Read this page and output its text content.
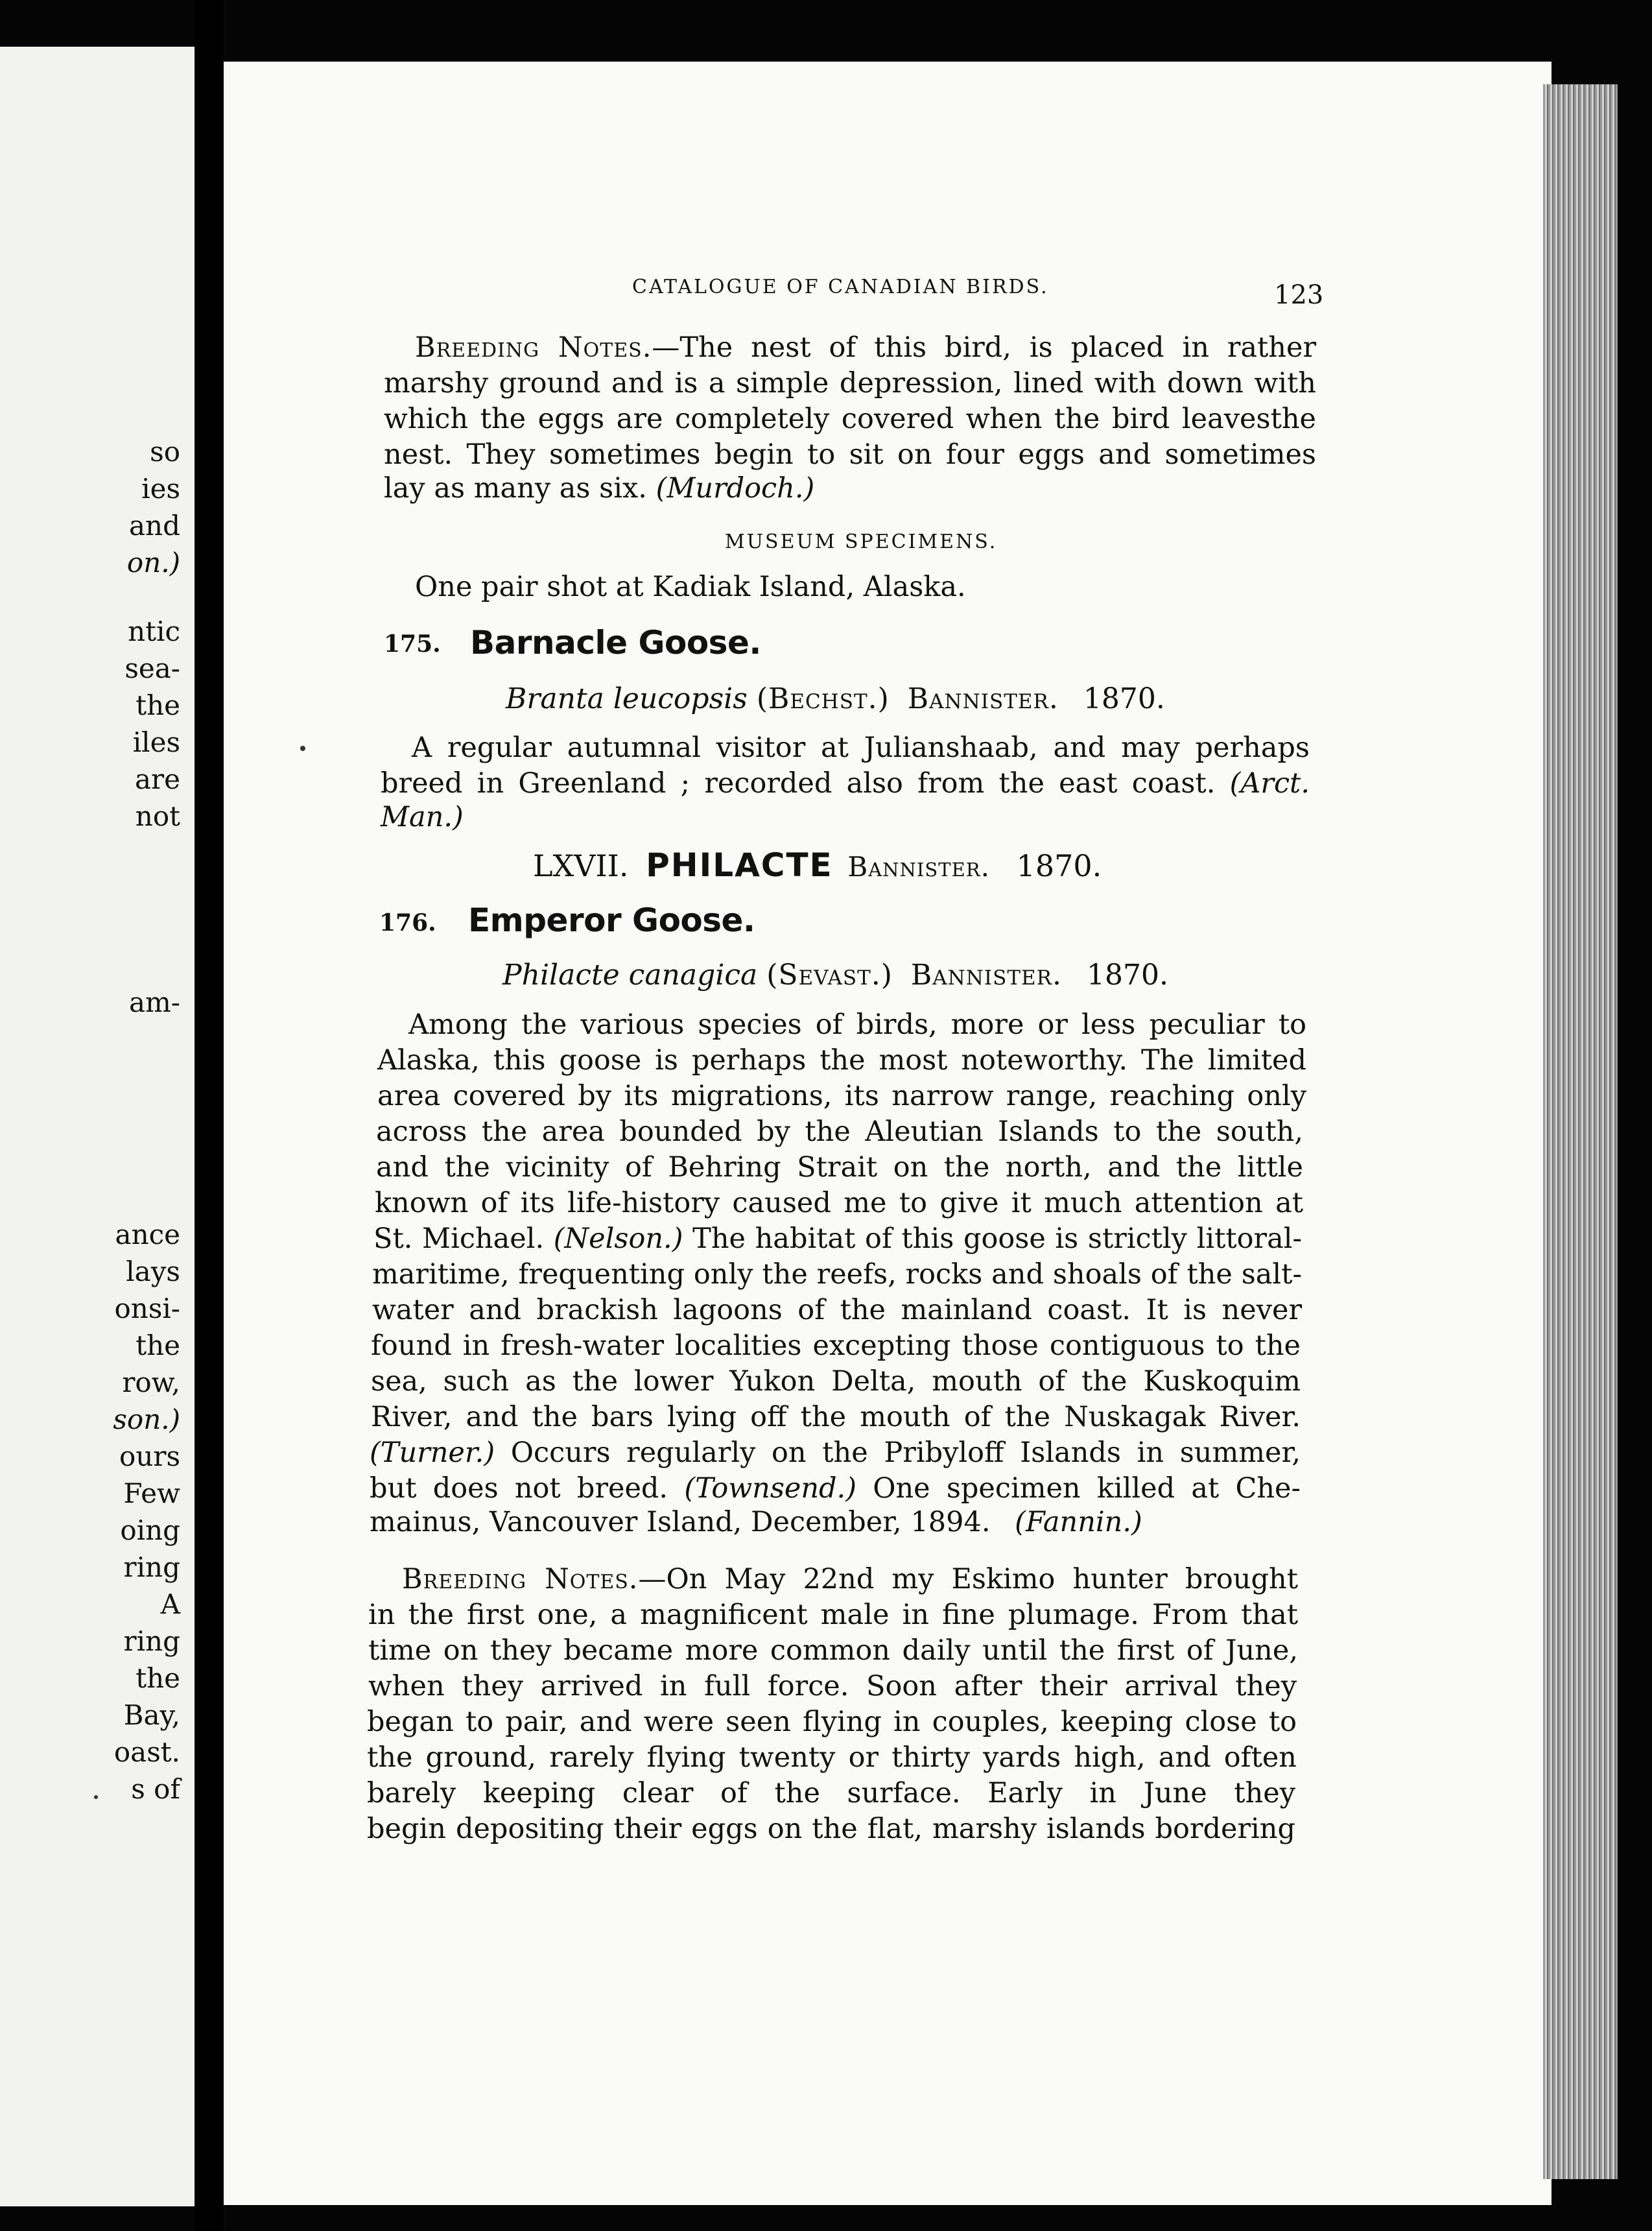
so
ies
and
on.)
ntic
sea-
the
iles
are
not
am-
ance
lays
onsi-
the
row,
son.)
ours
Few
oing
ring
A
ring
the
Bay,
oast.
s of
CATALOGUE OF CANADIAN BIRDS.	123
Breeding Notes.—The nest of this bird, is placed in rather
marshy ground and is a simple depression, lined with down with
which the eggs are completely covered when the bird leavesthe
nest. They sometimes begin to sit on four eggs and sometimes
lay as many as six. (Murdoch.)
MUSEUM SPECIMENS.
One pair shot at Kadiak Island, Alaska.
175. Barnacle Goose.
Branta leucopsis (Bechst.) Bannister. 1870.
A regular autumnal visitor at Julianshaab, and may perhaps
breed in Greenland ; recorded also from the east coast. (Arct.
Man.)
LXVII. PHILACTE Bannister. 1870.
176. Emperor Goose.
Philacte canagica (Sevast.) Bannister. 1870.
Among the various species of birds, more or less peculiar to
Alaska, this goose is perhaps the most noteworthy. The limited
area covered by its migrations, its narrow range, reaching only
across the area bounded by the Aleutian Islands to the south,
and the vicinity of Behring Strait on the north, and the little
known of its life-history caused me to give it much attention at
St. Michael. (Nelson.) The habitat of this goose is strictly littoral-
maritime, frequenting only the reefs, rocks and shoals of the salt-
water and brackish lagoons of the mainland coast. It is never
found in fresh-water localities excepting those contiguous to the
sea, such as the lower Yukon Delta, mouth of the Kuskoquim
River, and the bars lying off the mouth of the Nuskagak River.
(Turner.) Occurs regularly on the Pribyloff Islands in summer,
but does not breed. (Townsend.) One specimen killed at Che-
mainus, Vancouver Island, December, 1894. (Fannin.)
Breeding Notes.—On May 22nd my Eskimo hunter brought
in the first one, a magnificent male in fine plumage. From that
time on they became more common daily until the first of June,
when they arrived in full force. Soon after their arrival they
began to pair, and were seen flying in couples, keeping close to
the ground, rarely flying twenty or thirty yards high, and often
barely keeping clear of the surface. Early in June they
begin depositing their eggs on the flat, marshy islands bordering
